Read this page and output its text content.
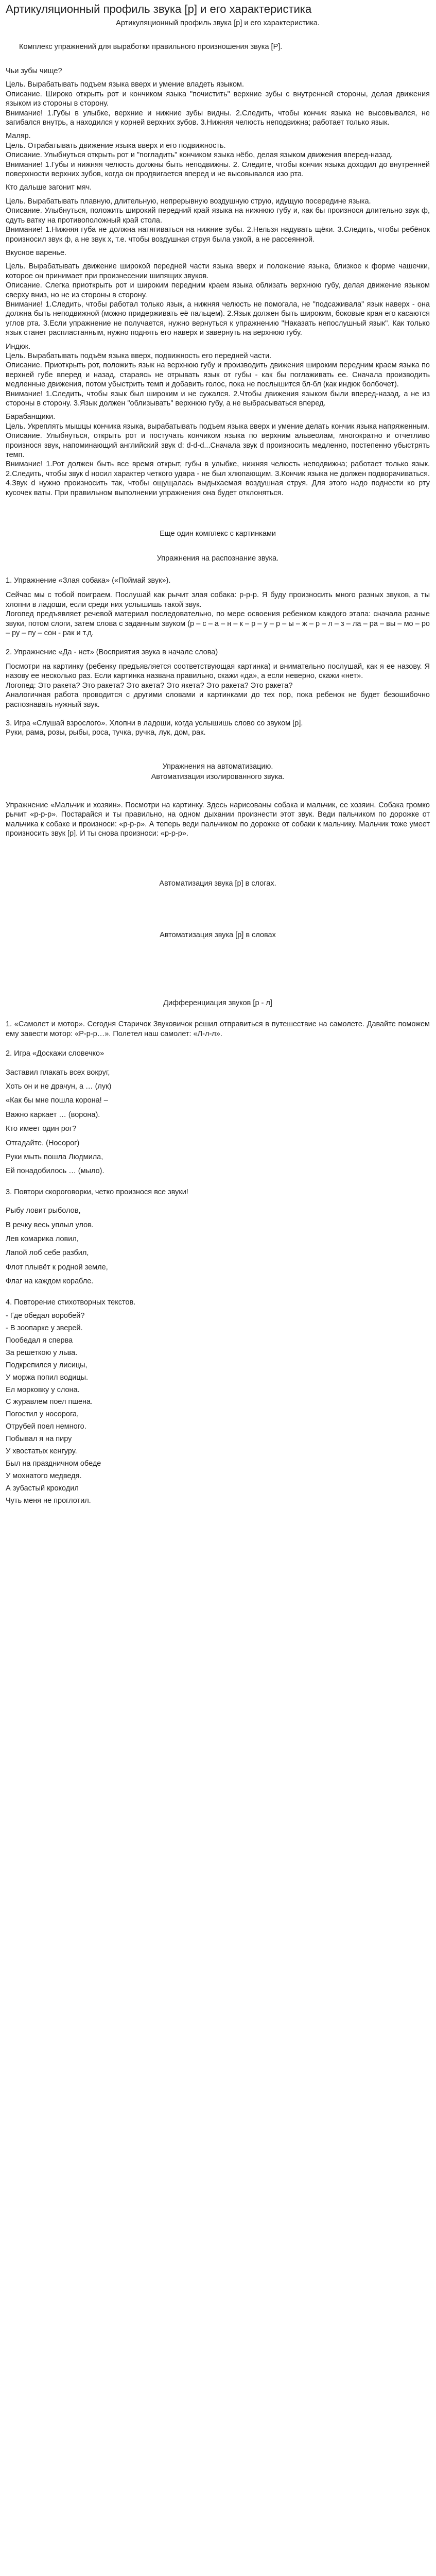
Артикуляционный профиль звука [р] и его характеристика
Артикуляционный профиль звука [р] и его характеристика.
Комплекс упражнений для выработки правильного произношения звука [Р].

Чьи зубы чище?

Цель. Вырабатывать подъем языка вверх и умение владеть языком.

Описание. Широко открыть рот и кончиком языка "почистить" верхние зубы с внутренней стороны, делая движения языком из стороны в сторону.

Внимание! 1.Губы в улыбке, верхние и нижние зубы видны. 2.Следить, чтобы кончик языка не высовывался, не загибался внутрь, а находился у корней верхних зубов. 3.Нижняя челюсть неподвижна; работает только язык.

Маляр.

Цель. Отрабатывать движение языка вверх и его подвижность.

Описание. Улыбнуться открыть рот и "погладить" кончиком языка нёбо, делая языком движения вперед-назад.

Внимание! 1.Губы и нижняя челюсть должны быть неподвижны. 2. Следите, чтобы кончик языка доходил до внутренней поверхности верхних зубов, когда он продвигается вперед и не высовывался изо рта.

Кто дальше загонит мяч.

Цель. Вырабатывать плавную, длительную, непрерывную воздушную струю, идущую посередине языка.

Описание. Улыбнуться, положить широкий передний край языка на нижнюю губу и, как бы произнося длительно звук ф, сдуть ватку на противоположный край стола.

Внимание! 1.Нижняя губа не должна натягиваться на нижние зубы. 2.Нельзя надувать щёки. 3.Следить, чтобы ребёнок произносил звук ф, а не звук х, т.е. чтобы воздушная струя была узкой, а не рассеянной.

Вкусное варенье.

Цель. Вырабатывать движение широкой передней части языка вверх и положение языка, близкое к форме чашечки, которое он принимает при произнесении шипящих звуков.

Описание. Слегка приоткрыть рот и широким передним краем языка облизать верхнюю губу, делая движение языком сверху вниз, но не из стороны в сторону.

Внимание! 1.Следить, чтобы работал только язык, а нижняя челюсть не помогала, не "подсаживала" язык наверх - она должна быть неподвижной (можно придерживать её пальцем). 2.Язык должен быть широким, боковые края его касаются углов рта. 3.Если упражнение не получается, нужно вернуться к упражнению "Наказать непослушный язык". Как только язык станет распластанным, нужно поднять его наверх и завернуть на верхнюю губу.

Индюк.

Цель. Вырабатывать подъём языка вверх, подвижность его передней части.

Описание. Приоткрыть рот, положить язык на верхнюю губу и производить движения широким передним краем языка по верхней губе вперед и назад, стараясь не отрывать язык от губы - как бы поглаживать ее. Сначала производить медленные движения, потом убыстрить темп и добавить голос, пока не послышится бл-бл (как индюк болбочет).

Внимание! 1.Следить, чтобы язык был широким и не сужался. 2.Чтобы движения языком были вперед-назад, а не из стороны в сторону. 3.Язык должен "облизывать" верхнюю губу, а не выбрасываться вперед.

Барабанщики.

Цель. Укреплять мышцы кончика языка, вырабатывать подъем языка вверх и умение делать кончик языка напряженным.

Описание. Улыбнуться, открыть рот и постучать кончиком языка по верхним альвеолам, многократно и отчетливо произнося звук, напоминающий английский звук d: d-d-d...Сначала звук d произносить медленно, постепенно убыстрять темп.

Внимание! 1.Рот должен быть все время открыт, губы в улыбке, нижняя челюсть неподвижна; работает только язык. 2.Следить, чтобы звук d носил характер четкого удара - не был хлюпающим. 3.Кончик языка не должен подворачиваться. 4.Звук d нужно произносить так, чтобы ощущалась выдыхаемая воздушная струя. Для этого надо поднести ко рту кусочек ваты. При правильном выполнении упражнения она будет отклоняться.

Еще один комплекс с картинками
Упражнения на распознание звука.

1. Упражнение «Злая собака» («Поймай звук»).

Сейчас мы с тобой поиграем. Послушай как рычит злая собака: р-р-р. Я буду произносить много разных звуков, а ты хлопни в ладоши, если среди них услышишь такой звук.

Логопед предъявляет речевой материал последовательно, по мере освоения ребенком каждого этапа: сначала разные звуки, потом слоги, затем слова с заданным звуком (р – с – а – н – к – р – у – р – ы – ж – р – л – з – ла – ра – вы – мо – ро – ру – пу – сон - рак и т.д.

2. Упражнение «Да - нет» (Восприятия звука в начале слова)

Посмотри на картинку (ребенку предъявляется соответствующая картинка) и внимательно послушай, как я ее назову. Я назову ее несколько раз. Если картинка названа правильно, скажи «да», а если неверно, скажи «нет».

Логопед: Это ракета? Это ракета? Это акета? Это якета? Это ракета? Это ракета?

Аналогичная работа проводится с другими словами и картинками до тех пор, пока ребенок не будет безошибочно распознавать нужный звук.

3. Игра «Слушай взрослого». Хлопни в ладоши, когда услышишь слово со звуком [р].

Руки, рама, розы, рыбы, роса, тучка, ручка, лук, дом, рак.

Упражнения на автоматизацию.
Автоматизация изолированного звука.

Упражнение «Мальчик и хозяин». Посмотри на картинку. Здесь нарисованы собака и мальчик, ее хозяин. Собака громко рычит «р-р-р». Постарайся и ты правильно, на одном дыхании произнести этот звук. Веди пальчиком по дорожке от мальчика к собаке и произноси: «р-р-р». А теперь веди пальчиком по дорожке от собаки к мальчику. Мальчик тоже умеет произносить звук [р]. И ты снова произноси: «р-р-р».

Автоматизация звука [р] в слогах.
Автоматизация звука [р] в словах
Дифференциация звуков [р - л]

1. «Самолет и мотор». Сегодня Старичок Звуковичок решил отправиться в путешествие на самолете. Давайте поможем ему завести мотор: «Р-р-р…». Полетел наш самолет: «Л-л-л».

2. Игра «Доскажи словечко»

Заставил плакать всех вокруг,

Хоть он и не драчун, а … (лук)

«Как бы мне пошла корона! –

Важно каркает … (ворона).

Кто имеет один рог?

Отгадайте. (Носорог)

Руки мыть пошла Людмила,

Ей понадобилось … (мыло).

3. Повтори скороговорки, четко произнося все звуки!

Рыбу ловит рыболов,

В речку весь уплыл улов.

Лев комарика ловил,

Лапой лоб себе разбил,

Флот плывёт к родной земле,

Флаг на каждом корабле.

4. Повторение стихотворных текстов.

- Где обедал воробей?

- В зоопарке у зверей.

Пообедал я сперва

За решеткою у льва.

Подкрепился у лисицы,

У моржа попил водицы.

Ел морковку у слона.

С журавлем поел пшена.

Погостил у носорога,

Отрубей поел немного.

Побывал я на пиру

У хвостатых кенгуру.

Был на праздничном обеде

У мохнатого медведя.

А зубастый крокодил

Чуть меня не проглотил.
